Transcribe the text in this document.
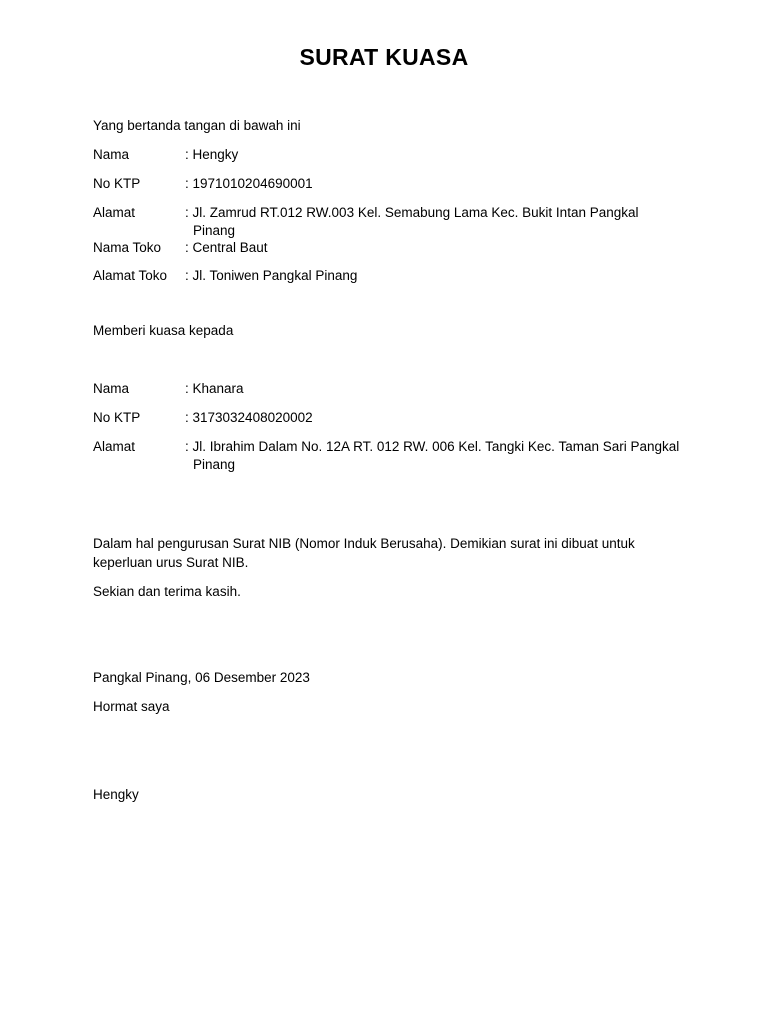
SURAT KUASA
Yang bertanda tangan di bawah ini
Nama	: Hengky
No KTP	: 1971010204690001
Alamat	: Jl. Zamrud RT.012 RW.003 Kel. Semabung Lama Kec. Bukit Intan Pangkal Pinang
Nama Toko	: Central Baut
Alamat Toko	: Jl. Toniwen Pangkal Pinang
Memberi kuasa kepada
Nama	: Khanara
No KTP	: 3173032408020002
Alamat	: Jl. Ibrahim Dalam No. 12A RT. 012 RW. 006 Kel. Tangki Kec. Taman Sari Pangkal Pinang
Dalam hal pengurusan Surat NIB (Nomor Induk Berusaha). Demikian surat ini dibuat untuk keperluan urus Surat NIB.
Sekian dan terima kasih.
Pangkal Pinang, 06 Desember 2023
Hormat saya
Hengky
